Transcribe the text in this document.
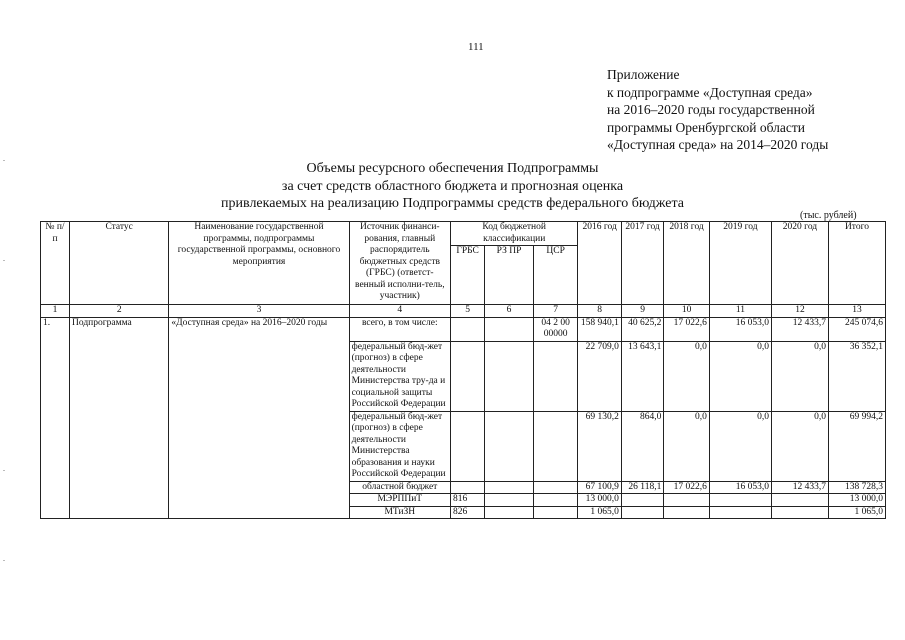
111
Приложение
к подпрограмме «Доступная среда»
на 2016–2020 годы государственной
программы Оренбургской области
«Доступная среда» на 2014–2020 годы
Объемы ресурсного обеспечения Подпрограммы
за счет средств областного бюджета и прогнозная оценка
привлекаемых на реализацию Подпрограммы средств федерального бюджета
(тыс. рублей)
№ п/п	Статус	Наименование государственной программы, подпрограммы государственной программы, основного мероприятия	Источник финанси-рования, главный распорядитель бюджетных средств (ГРБС) (ответст-венный исполни-тель, участник)	Код бюджетной классификации			2016 год	2017 год	2018 год	2019 год	2020 год	Итого
				ГРБС	РЗ ПР	ЦСР						
1	2	3	4	5	6	7	8	9	10	11	12	13
1.	Подпрограмма	«Доступная среда» на 2016–2020 годы	всего, в том числе:			04 2 00 00000	158 940,1	40 625,2	17 022,6	16 053,0	12 433,7	245 074,6
			федеральный бюд-жет (прогноз) в сфере деятельности Министерства тру-да и социальной защиты Российской Федерации				22 709,0	13 643,1	0,0	0,0	0,0	36 352,1
			федеральный бюд-жет (прогноз) в сфере деятельности Министерства образования и науки Российской Федерации				69 130,2	864,0	0,0	0,0	0,0	69 994,2
			областной бюджет				67 100,9	26 118,1	17 022,6	16 053,0	12 433,7	138 728,3
			МЭРППиТ	816			13 000,0					13 000,0
			МТиЗН	826			1 065,0					1 065,0
